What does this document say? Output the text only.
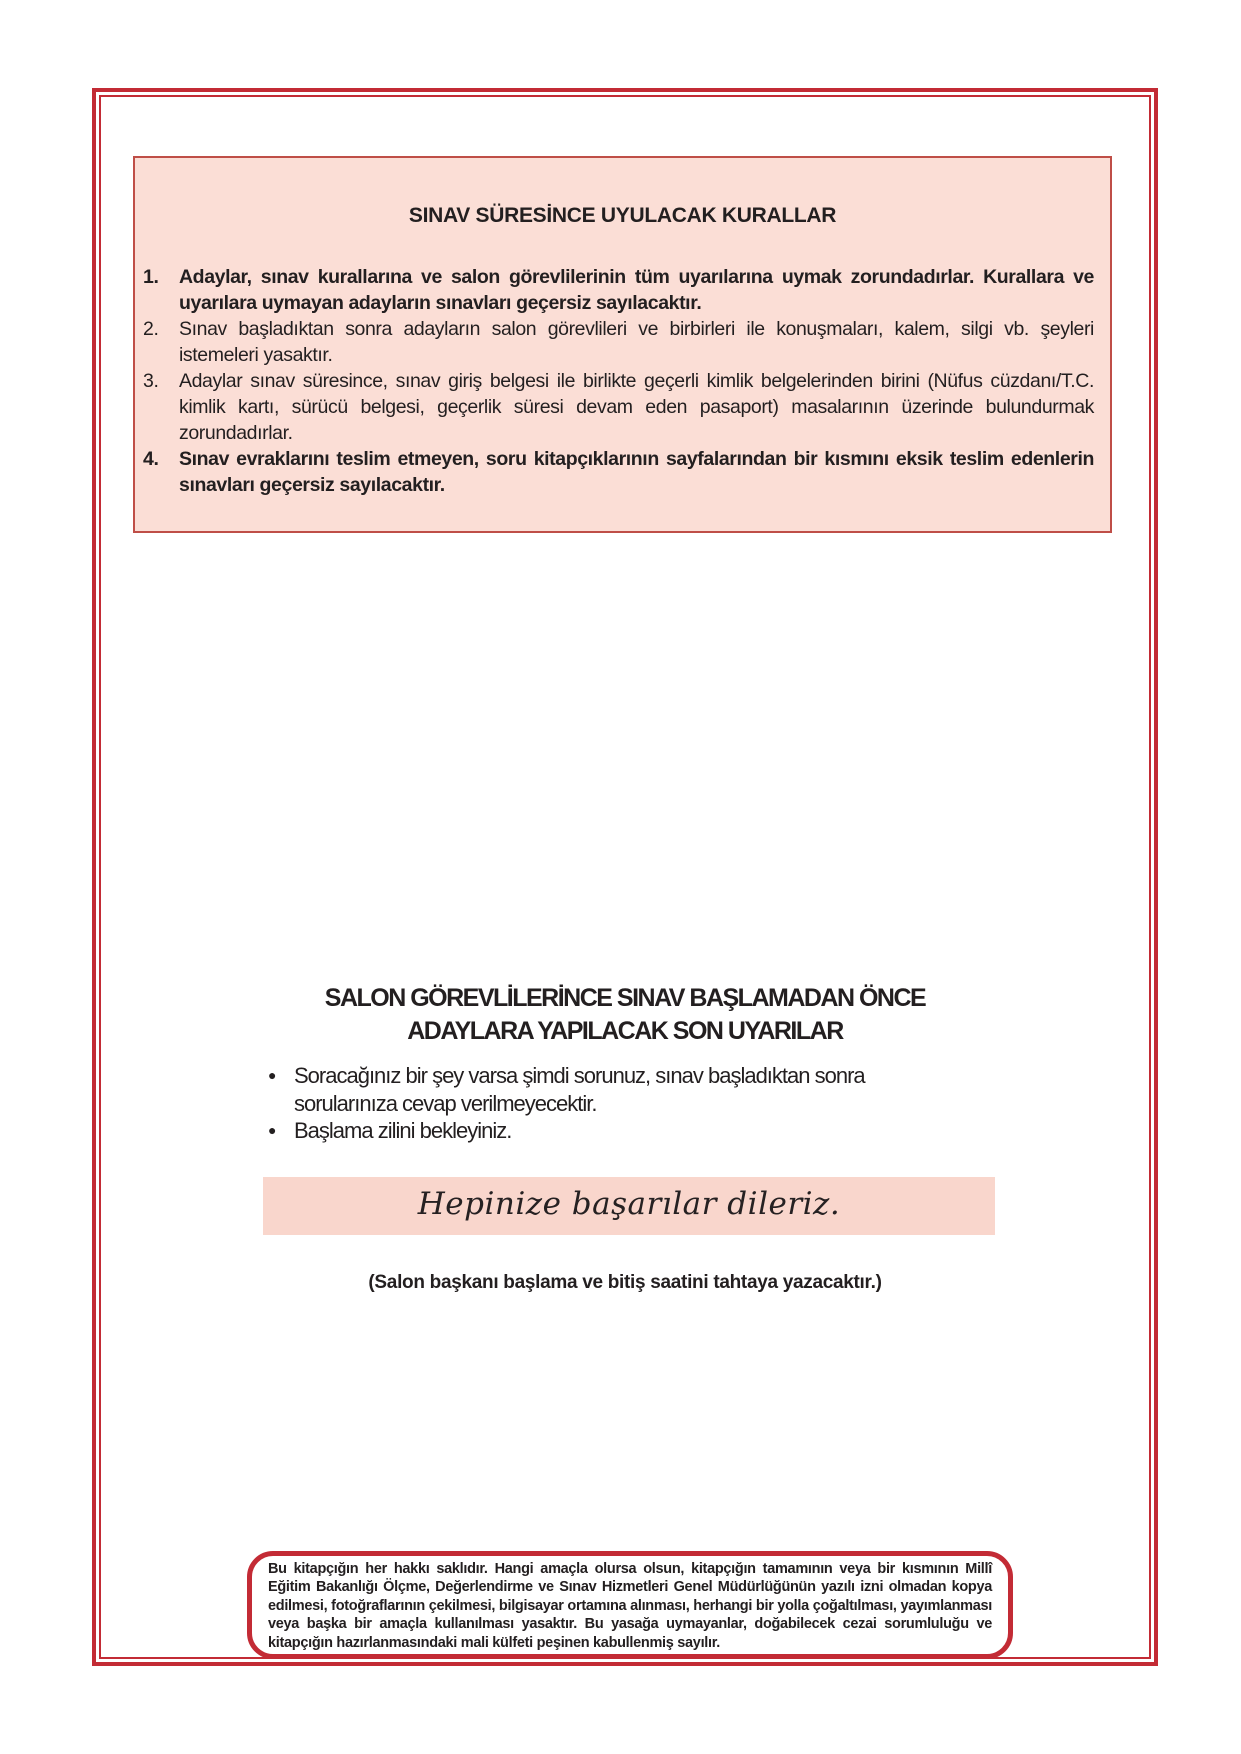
SINAV SÜRESİNCE UYULACAK KURALLAR
1.	Adaylar, sınav kurallarına ve salon görevlilerinin tüm uyarılarına uymak zorundadırlar. Kurallara ve uyarılara uymayan adayların sınavları geçersiz sayılacaktır.
2.	Sınav başladıktan sonra adayların salon görevlileri ve birbirleri ile konuşmaları, kalem, silgi vb. şeyleri istemeleri yasaktır.
3.	Adaylar sınav süresince, sınav giriş belgesi ile birlikte geçerli kimlik belgelerinden birini (Nüfus cüzdanı/T.C. kimlik kartı, sürücü belgesi, geçerlik süresi devam eden pasaport) masalarının üzerinde bulundurmak zorundadırlar.
4.	Sınav evraklarını teslim etmeyen, soru kitapçıklarının sayfalarından bir kısmını eksik teslim edenlerin sınavları geçersiz sayılacaktır.
SALON GÖREVLİLERİNCE SINAV BAŞLAMADAN ÖNCE
ADAYLARA YAPILACAK SON UYARILAR
● Soracağınız bir şey varsa şimdi sorunuz, sınav başladıktan sonra sorularınıza cevap verilmeyecektir.
● Başlama zilini bekleyiniz.
Hepinize başarılar dileriz.

(Salon başkanı başlama ve bitiş saatini tahtaya yazacaktır.)

Bu kitapçığın her hakkı saklıdır. Hangi amaçla olursa olsun, kitapçığın tamamının veya bir kısmının Millî Eğitim Bakanlığı Ölçme, Değerlendirme ve Sınav Hizmetleri Genel Müdürlüğünün yazılı izni olmadan kopya edilmesi, fotoğraflarının çekilmesi, bilgisayar ortamına alınması, herhangi bir yolla çoğaltılması, yayımlanması veya başka bir amaçla kullanılması yasaktır. Bu yasağa uymayanlar, doğabilecek cezai sorumluluğu ve kitapçığın hazırlanmasındaki mali külfeti peşinen kabullenmiş sayılır.
